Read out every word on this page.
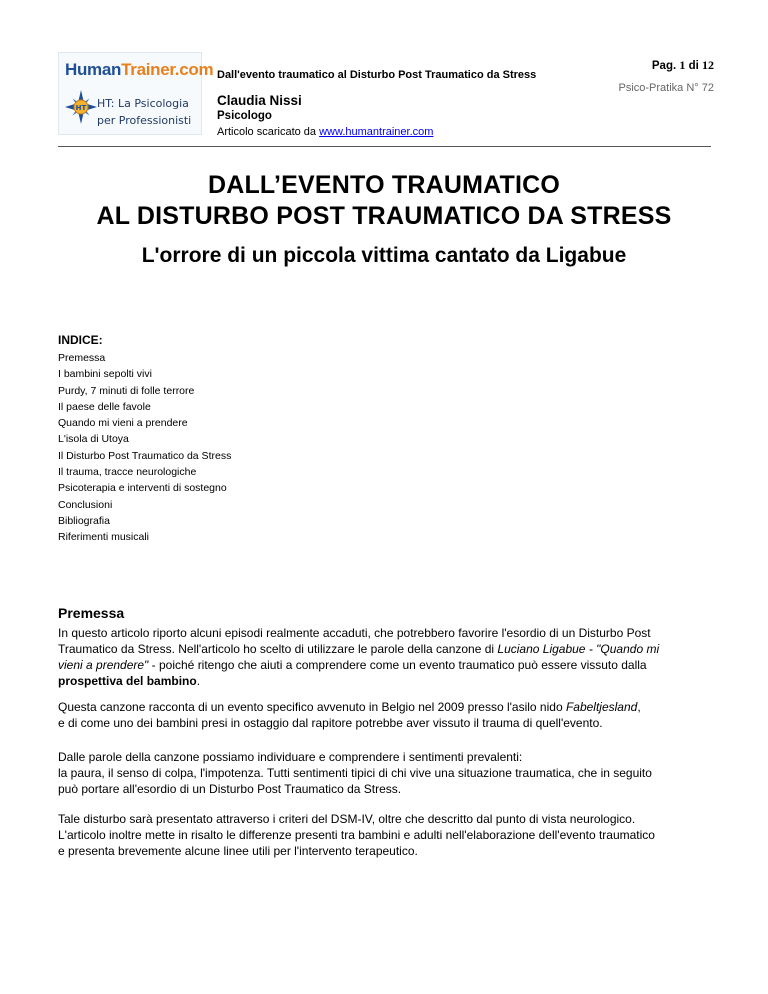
HumanTrainer.com
HT HT: La Psicologia
per Professionisti
Dall'evento traumatico al Disturbo Post Traumatico da Stress
Claudia Nissi
Psicologo
Articolo scaricato da www.humantrainer.com
Pag. 1 di 12
Psico-Pratika N° 72
DALL’EVENTO TRAUMATICO
AL DISTURBO POST TRAUMATICO DA STRESS
L'orrore di un piccola vittima cantato da Ligabue
INDICE:
Premessa
I bambini sepolti vivi
Purdy, 7 minuti di folle terrore
Il paese delle favole
Quando mi vieni a prendere
L'isola di Utoya
Il Disturbo Post Traumatico da Stress
Il trauma, tracce neurologiche
Psicoterapia e interventi di sostegno
Conclusioni
Bibliografia
Riferimenti musicali
Premessa

In questo articolo riporto alcuni episodi realmente accaduti, che potrebbero favorire l'esordio di un Disturbo Post
Traumatico da Stress. Nell'articolo ho scelto di utilizzare le parole della canzone di Luciano Ligabue - "Quando mi
vieni a prendere" - poiché ritengo che aiuti a comprendere come un evento traumatico può essere vissuto dalla
prospettiva del bambino.

Questa canzone racconta di un evento specifico avvenuto in Belgio nel 2009 presso l'asilo nido Fabeltjesland,
e di come uno dei bambini presi in ostaggio dal rapitore potrebbe aver vissuto il trauma di quell'evento.

Dalle parole della canzone possiamo individuare e comprendere i sentimenti prevalenti:
la paura, il senso di colpa, l'impotenza. Tutti sentimenti tipici di chi vive una situazione traumatica, che in seguito
può portare all'esordio di un Disturbo Post Traumatico da Stress.

Tale disturbo sarà presentato attraverso i criteri del DSM-IV, oltre che descritto dal punto di vista neurologico.
L'articolo inoltre mette in risalto le differenze presenti tra bambini e adulti nell'elaborazione dell'evento traumatico
e presenta brevemente alcune linee utili per l'intervento terapeutico.
